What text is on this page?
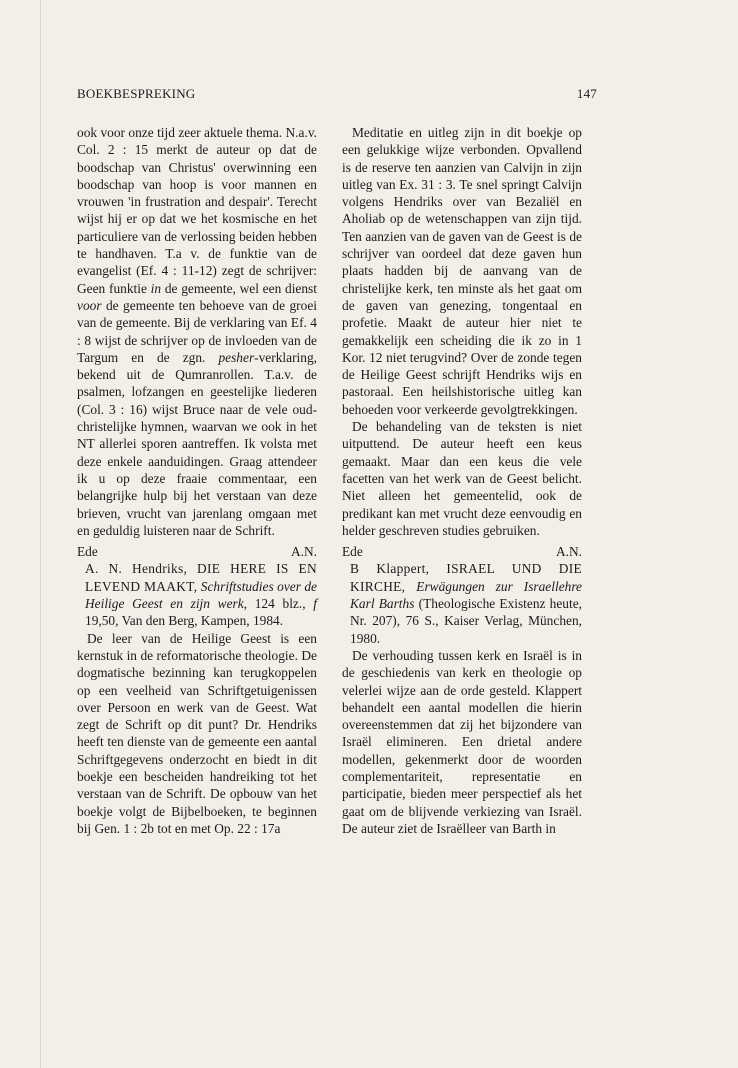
BOEKBESPREKING	147

ook voor onze tijd zeer aktuele thema. N.a.v. Col. 2 : 15 merkt de auteur op dat de boodschap van Christus' overwinning een boodschap van hoop is voor mannen en vrouwen 'in frustration and despair'. Terecht wijst hij er op dat we het kosmische en het particuliere van de verlossing beiden hebben te handhaven. T.a v. de funktie van de evangelist (Ef. 4 : 11-12) zegt de schrijver: Geen funktie in de gemeente, wel een dienst voor de gemeente ten behoeve van de groei van de gemeente. Bij de verklaring van Ef. 4 : 8 wijst de schrijver op de invloeden van de Targum en de zgn. pesher-verklaring, bekend uit de Qumranrollen. T.a.v. de psalmen, lofzangen en geestelijke liederen (Col. 3 : 16) wijst Bruce naar de vele oud-christelijke hymnen, waarvan we ook in het NT allerlei sporen aantreffen. Ik volsta met deze enkele aanduidingen. Graag attendeer ik u op deze fraaie commentaar, een belangrijke hulp bij het verstaan van deze brieven, vrucht van jarenlang omgaan met en geduldig luisteren naar de Schrift.

Ede	A.N.

A. N. Hendriks, DIE HERE IS EN LEVEND MAAKT, Schriftstudies over de Heilige Geest en zijn werk, 124 blz., f 19,50, Van den Berg, Kampen, 1984.

De leer van de Heilige Geest is een kernstuk in de reformatorische theologie. De dogmatische bezinning kan terugkoppelen op een veelheid van Schriftgetuigenissen over Persoon en werk van de Geest. Wat zegt de Schrift op dit punt? Dr. Hendriks heeft ten dienste van de gemeente een aantal Schriftgegevens onderzocht en biedt in dit boekje een bescheiden handreiking tot het verstaan van de Schrift. De opbouw van het boekje volgt de Bijbelboeken, te beginnen bij Gen. 1 : 2b tot en met Op. 22 : 17a

Meditatie en uitleg zijn in dit boekje op een gelukkige wijze verbonden. Opvallend is de reserve ten aanzien van Calvijn in zijn uitleg van Ex. 31 : 3. Te snel springt Calvijn volgens Hendriks over van Bezaliël en Aholiab op de wetenschappen van zijn tijd. Ten aanzien van de gaven van de Geest is de schrijver van oordeel dat deze gaven hun plaats hadden bij de aanvang van de christelijke kerk, ten minste als het gaat om de gaven van genezing, tongentaal en profetie. Maakt de auteur hier niet te gemakkelijk een scheiding die ik zo in 1 Kor. 12 niet terugvind? Over de zonde tegen de Heilige Geest schrijft Hendriks wijs en pastoraal. Een heilshistorische uitleg kan behoeden voor verkeerde gevolgtrekkingen.

De behandeling van de teksten is niet uitputtend. De auteur heeft een keus gemaakt. Maar dan een keus die vele facetten van het werk van de Geest belicht. Niet alleen het gemeentelid, ook de predikant kan met vrucht deze eenvoudig en helder geschreven studies gebruiken.

Ede	A.N.

B Klappert, ISRAEL UND DIE KIRCHE, Erwägungen zur Israellehre Karl Barths (Theologische Existenz heute, Nr. 207), 76 S., Kaiser Verlag, München, 1980.

De verhouding tussen kerk en Israël is in de geschiedenis van kerk en theologie op velerlei wijze aan de orde gesteld. Klappert behandelt een aantal modellen die hierin overeenstemmen dat zij het bijzondere van Israël elimineren. Een drietal andere modellen, gekenmerkt door de woorden complementariteit, representatie en participatie, bieden meer perspectief als het gaat om de blijvende verkiezing van Israël. De auteur ziet de Israëlleer van Barth in
